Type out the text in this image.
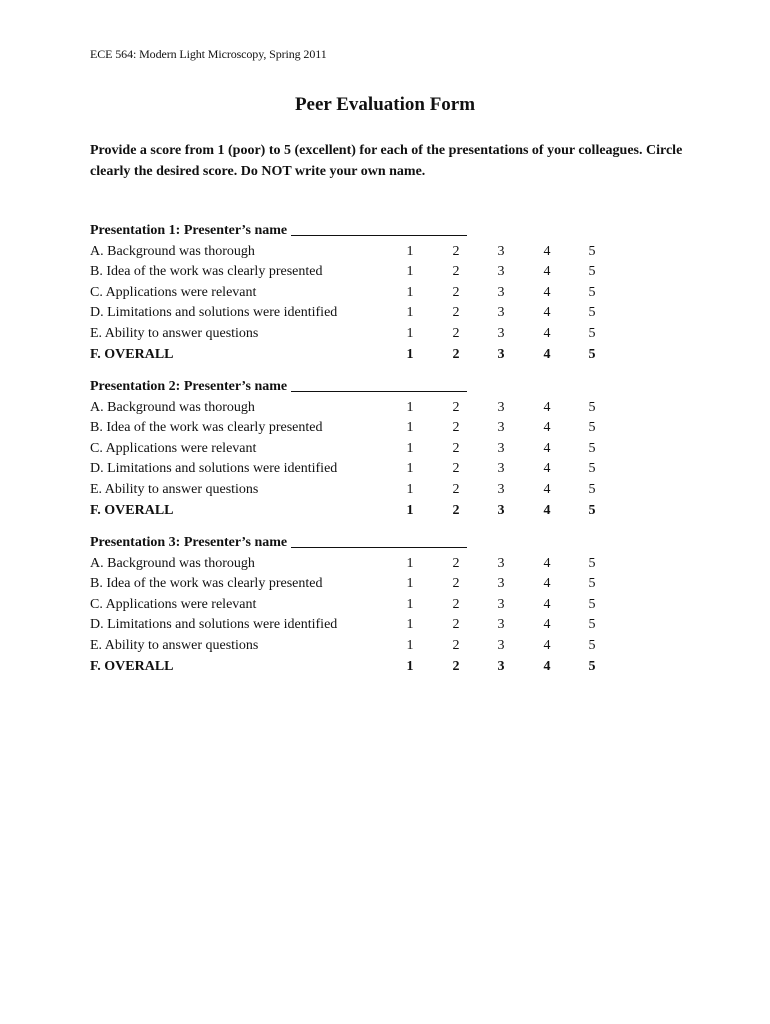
ECE 564: Modern Light Microscopy, Spring 2011
Peer Evaluation Form
Provide a score from 1 (poor) to 5 (excellent) for each of the presentations of your colleagues. Circle clearly the desired score. Do NOT write your own name.
Presentation 1: Presenter’s name
A. Background was thorough	1	2	3	4	5
B. Idea of the work was clearly presented	1	2	3	4	5
C. Applications were relevant	1	2	3	4	5
D. Limitations and solutions were identified	1	2	3	4	5
E. Ability to answer questions	1	2	3	4	5
F. OVERALL	1	2	3	4	5
Presentation 2: Presenter’s name
A. Background was thorough	1	2	3	4	5
B. Idea of the work was clearly presented	1	2	3	4	5
C. Applications were relevant	1	2	3	4	5
D. Limitations and solutions were identified	1	2	3	4	5
E. Ability to answer questions	1	2	3	4	5
F. OVERALL	1	2	3	4	5
Presentation 3: Presenter’s name
A. Background was thorough	1	2	3	4	5
B. Idea of the work was clearly presented	1	2	3	4	5
C. Applications were relevant	1	2	3	4	5
D. Limitations and solutions were identified	1	2	3	4	5
E. Ability to answer questions	1	2	3	4	5
F. OVERALL	1	2	3	4	5
